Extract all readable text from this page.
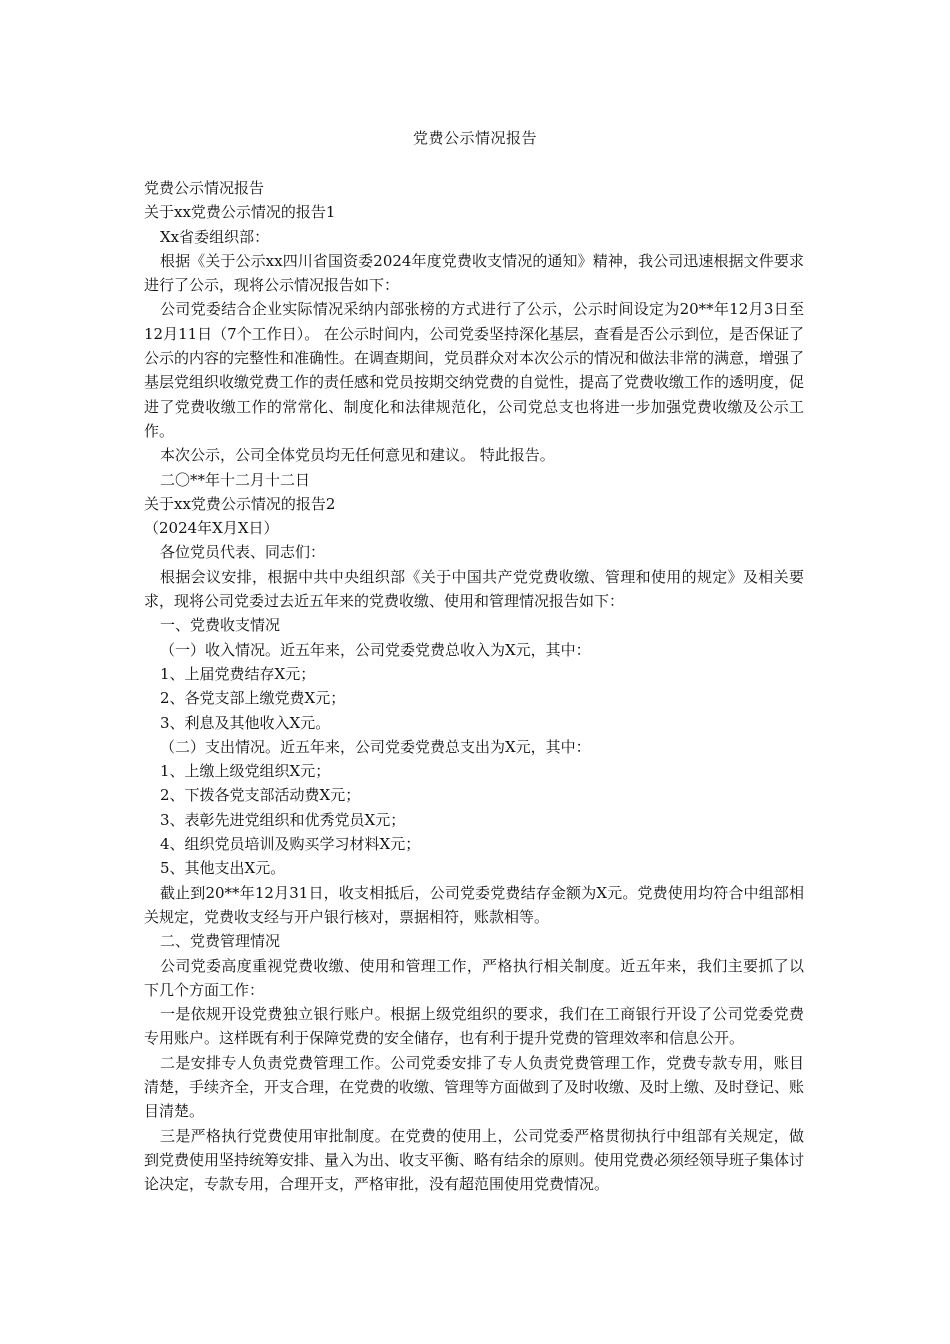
党费公示情况报告

党费公示情况报告

关于xx党费公示情况的报告1

Xx省委组织部：

根据《关于公示xx四川省国资委2024年度党费收支情况的通知》精神，我公司迅速根据文件要求进行了公示，现将公示情况报告如下：

公司党委结合企业实际情况采纳内部张榜的方式进行了公示，公示时间设定为20**年12月3日至12月11日（7个工作日）。 在公示时间内，公司党委坚持深化基层，查看是否公示到位，是否保证了公示的内容的完整性和准确性。在调查期间，党员群众对本次公示的情况和做法非常的满意，增强了基层党组织收缴党费工作的责任感和党员按期交纳党费的自觉性，提高了党费收缴工作的透明度，促进了党费收缴工作的常常化、制度化和法律规范化，公司党总支也将进一步加强党费收缴及公示工作。

本次公示，公司全体党员均无任何意见和建议。 特此报告。

二〇**年十二月十二日

关于xx党费公示情况的报告2

（2024年X月X日）

各位党员代表、同志们：

根据会议安排，根据中共中央组织部《关于中国共产党党费收缴、管理和使用的规定》及相关要求，现将公司党委过去近五年来的党费收缴、使用和管理情况报告如下：

一、党费收支情况

（一）收入情况。近五年来，公司党委党费总收入为X元，其中：

1、上届党费结存X元；

2、各党支部上缴党费X元；

3、利息及其他收入X元。

（二）支出情况。近五年来，公司党委党费总支出为X元，其中：

1、上缴上级党组织X元；

2、下拨各党支部活动费X元；

3、表彰先进党组织和优秀党员X元；

4、组织党员培训及购买学习材料X元；

5、其他支出X元。

截止到20**年12月31日，收支相抵后，公司党委党费结存金额为X元。党费使用均符合中组部相关规定，党费收支经与开户银行核对，票据相符，账款相等。

二、党费管理情况

公司党委高度重视党费收缴、使用和管理工作，严格执行相关制度。近五年来，我们主要抓了以下几个方面工作：

一是依规开设党费独立银行账户。根据上级党组织的要求，我们在工商银行开设了公司党委党费专用账户。这样既有利于保障党费的安全储存，也有利于提升党费的管理效率和信息公开。

二是安排专人负责党费管理工作。公司党委安排了专人负责党费管理工作，党费专款专用，账目清楚，手续齐全，开支合理，在党费的收缴、管理等方面做到了及时收缴、及时上缴、及时登记、账目清楚。

三是严格执行党费使用审批制度。在党费的使用上，公司党委严格贯彻执行中组部有关规定，做到党费使用坚持统筹安排、量入为出、收支平衡、略有结余的原则。使用党费必须经领导班子集体讨论决定，专款专用，合理开支，严格审批，没有超范围使用党费情况。
